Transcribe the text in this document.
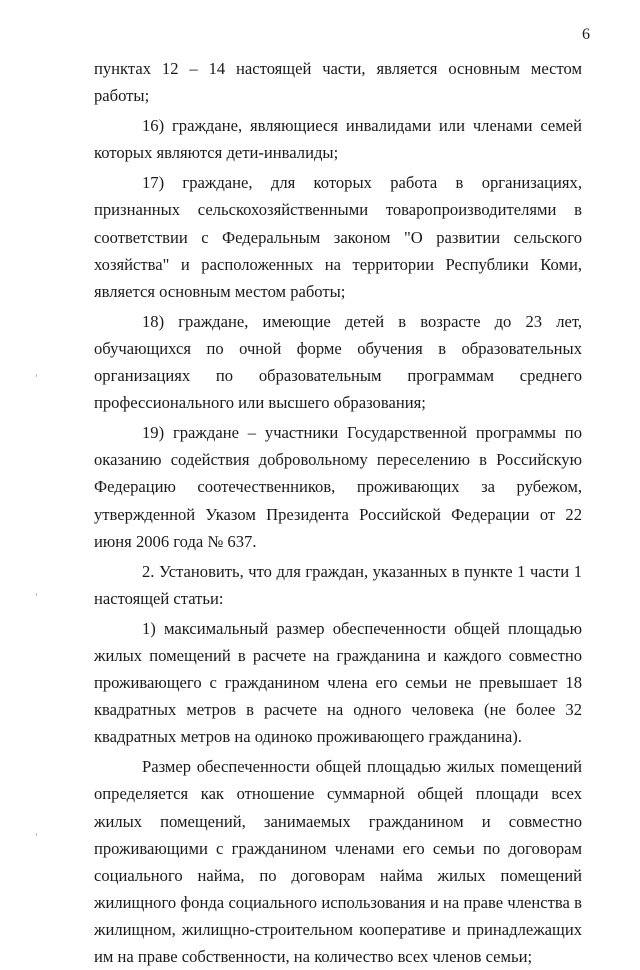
6

пунктах 12 – 14 настоящей части, является основным местом работы;

16) граждане, являющиеся инвалидами или членами семей которых являются дети-инвалиды;

17) граждане, для которых работа в организациях, признанных сельскохозяйственными товаропроизводителями в соответствии с Федеральным законом "О развитии сельского хозяйства" и расположенных на территории Республики Коми, является основным местом работы;

18) граждане, имеющие детей в возрасте до 23 лет, обучающихся по очной форме обучения в образовательных организациях по образовательным программам среднего профессионального или высшего образования;

19) граждане – участники Государственной программы по оказанию содействия добровольному переселению в Российскую Федерацию соотечественников, проживающих за рубежом, утвержденной Указом Президента Российской Федерации от 22 июня 2006 года № 637.

2. Установить, что для граждан, указанных в пункте 1 части 1 настоящей статьи:

1) максимальный размер обеспеченности общей площадью жилых помещений в расчете на гражданина и каждого совместно проживающего с гражданином члена его семьи не превышает 18 квадратных метров в расчете на одного человека (не более 32 квадратных метров на одиноко проживающего гражданина).

Размер обеспеченности общей площадью жилых помещений определяется как отношение суммарной общей площади всех жилых помещений, занимаемых гражданином и совместно проживающими с гражданином членами его семьи по договорам социального найма, по договорам найма жилых помещений жилищного фонда социального использования и на праве членства в жилищном, жилищно-строительном кооперативе и принадлежащих им на праве собственности, на количество всех членов семьи;
